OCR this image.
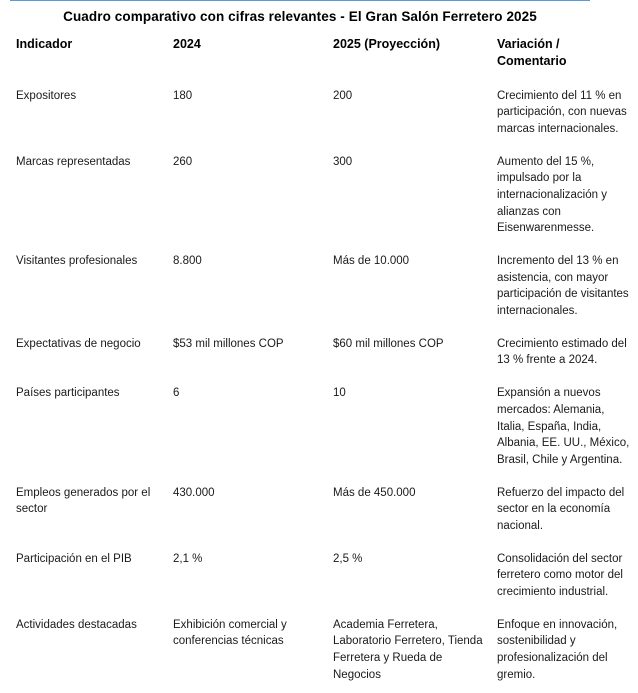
Cuadro comparativo con cifras relevantes - El Gran Salón Ferretero 2025
Indicador	2024	2025 (Proyección)	Variación /
Comentario

Expositores	180	200	Crecimiento del 11 % en participación, con nuevas marcas internacionales.
Marcas representadas	260	300	Aumento del 15 %, impulsado por la internacionalización y alianzas con Eisenwarenmesse.
Visitantes profesionales	8.800	Más de 10.000	Incremento del 13 % en asistencia, con mayor participación de visitantes internacionales.
Expectativas de negocio	$53 mil millones COP	$60 mil millones COP	Crecimiento estimado del 13 % frente a 2024.
Países participantes	6	10	Expansión a nuevos mercados: Alemania, Italia, España, India, Albania, EE. UU., México, Brasil, Chile y Argentina.
Empleos generados por el sector	430.000	Más de 450.000	Refuerzo del impacto del sector en la economía nacional.
Participación en el PIB	2,1 %	2,5 %	Consolidación del sector ferretero como motor del crecimiento industrial.
Actividades destacadas	Exhibición comercial y conferencias técnicas	Academia Ferretera, Laboratorio Ferretero, Tienda Ferretera y Rueda de Negocios	Enfoque en innovación, sostenibilidad y profesionalización del gremio.
